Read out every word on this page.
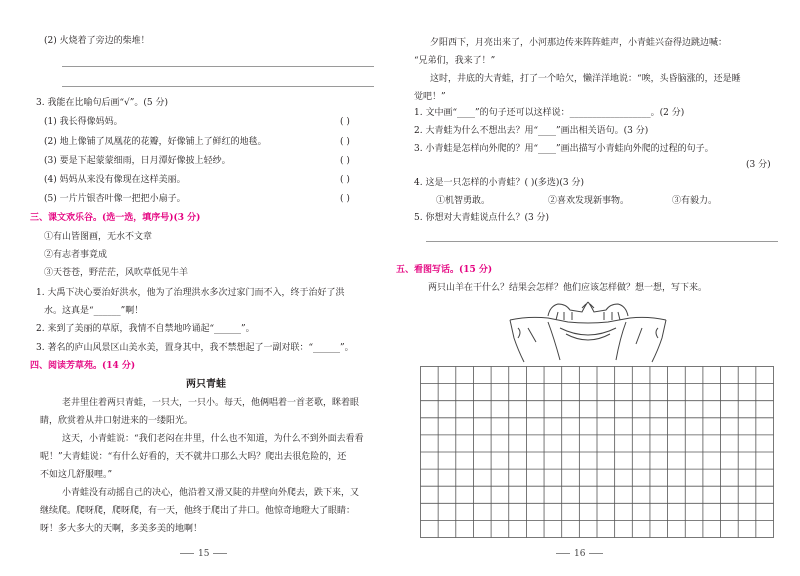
(2) 火烧着了旁边的柴堆！
3. 我能在比喻句后画“√”。(5 分)
(1) 我长得像妈妈。
(2) 地上像铺了凤凰花的花瓣，好像铺上了鲜红的地毯。
(3) 要是下起蒙蒙细雨，日月潭好像披上轻纱。
(4) 妈妈从来没有像现在这样美丽。
(5) 一片片银杏叶像一把把小扇子。
( )
( )
( )
( )
( )
三、课文欢乐谷。(选一选，填序号)(3 分)
①有山皆图画，无水不文章
②有志者事竟成
③天苍苍，野茫茫，风吹草低见牛羊
1. 大禹下决心要治好洪水，他为了治理洪水多次过家门而不入，终于治好了洪
水。这真是“______”啊！
2. 来到了美丽的草原，我情不自禁地吟诵起“______”。
3. 著名的庐山风景区山美水美，置身其中，我不禁想起了一副对联：“______”。
四、阅读芳草苑。(14 分)
两只青蛙
老井里住着两只青蛙，一只大，一只小。每天，他俩唱着一首老歌，眯着眼
睛，欣赏着从井口射进来的一缕阳光。
这天，小青蛙说：“我们老闷在井里，什么也不知道，为什么不到外面去看看
呢！”大青蛙说：“有什么好看的，天不就井口那么大吗？爬出去很危险的，还
不如这几舒服哩。”
小青蛙没有动摇自己的决心，他沿着又滑又陡的井壁向外爬去，跌下来，又
继续爬。爬呀爬，爬呀爬，有一天，他终于爬出了井口。他惊奇地瞪大了眼睛：
呀！多大多大的天啊，多美多美的地啊！
15
夕阳西下，月亮出来了，小河那边传来阵阵蛙声，小青蛙兴奋得边跳边喊：
“兄弟们，我来了！”
这时，井底的大青蛙，打了一个哈欠，懒洋洋地说：“唉，头昏脑涨的，还是睡
觉吧！”
1. 文中画“____”的句子还可以这样说：__________________。(2 分)
2. 大青蛙为什么不想出去？用“____”画出相关语句。(3 分)
3. 小青蛙是怎样向外爬的？用“____”画出描写小青蛙向外爬的过程的句子。
(3 分)
4. 这是一只怎样的小青蛙？( )(多选)(3 分)
①机智勇敢。	②喜欢发现新事物。	③有毅力。
5. 你想对大青蛙说点什么？(3 分)
五、看图写话。(15 分)
两只山羊在干什么？结果会怎样？他们应该怎样做？想一想，写下来。
16
